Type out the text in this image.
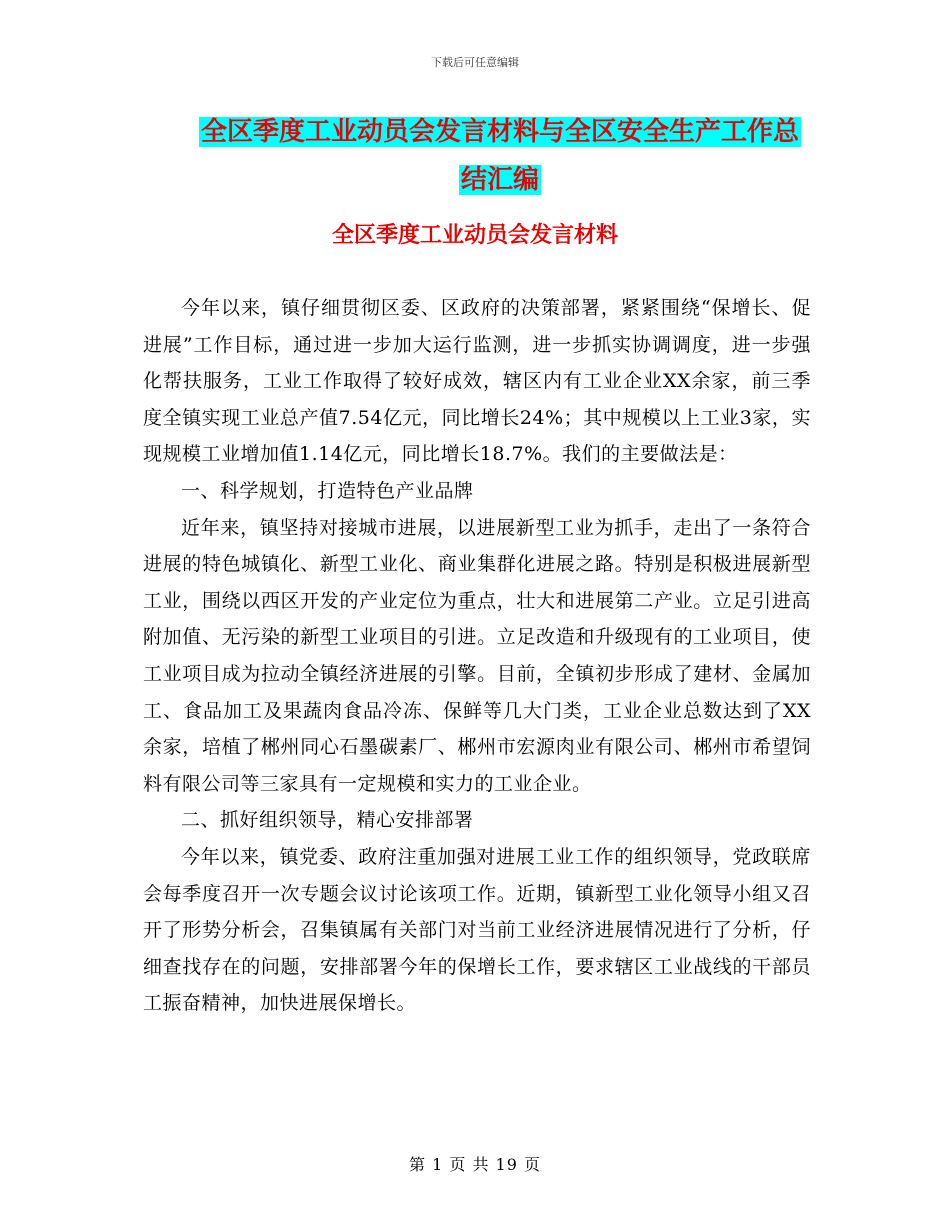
下载后可任意编辑
全区季度工业动员会发言材料与全区安全生产工作总
结汇编
全区季度工业动员会发言材料

今年以来，镇仔细贯彻区委、区政府的决策部署，紧紧围绕“保增长、促进展”工作目标，通过进一步加大运行监测，进一步抓实协调调度，进一步强化帮扶服务，工业工作取得了较好成效，辖区内有工业企业XX余家，前三季度全镇实现工业总产值7.54亿元，同比增长24%；其中规模以上工业3家，实现规模工业增加值1.14亿元，同比增长18.7%。我们的主要做法是：

一、科学规划，打造特色产业品牌

近年来，镇坚持对接城市进展，以进展新型工业为抓手，走出了一条符合进展的特色城镇化、新型工业化、商业集群化进展之路。特别是积极进展新型工业，围绕以西区开发的产业定位为重点，壮大和进展第二产业。立足引进高附加值、无污染的新型工业项目的引进。立足改造和升级现有的工业项目，使工业项目成为拉动全镇经济进展的引擎。目前，全镇初步形成了建材、金属加工、食品加工及果蔬肉食品冷冻、保鲜等几大门类，工业企业总数达到了XX余家，培植了郴州同心石墨碳素厂、郴州市宏源肉业有限公司、郴州市希望饲料有限公司等三家具有一定规模和实力的工业企业。

二、抓好组织领导，精心安排部署

今年以来，镇党委、政府注重加强对进展工业工作的组织领导，党政联席会每季度召开一次专题会议讨论该项工作。近期，镇新型工业化领导小组又召开了形势分析会，召集镇属有关部门对当前工业经济进展情况进行了分析，仔细查找存在的问题，安排部署今年的保增长工作，要求辖区工业战线的干部员工振奋精神，加快进展保增长。

第 1 页 共 19 页
